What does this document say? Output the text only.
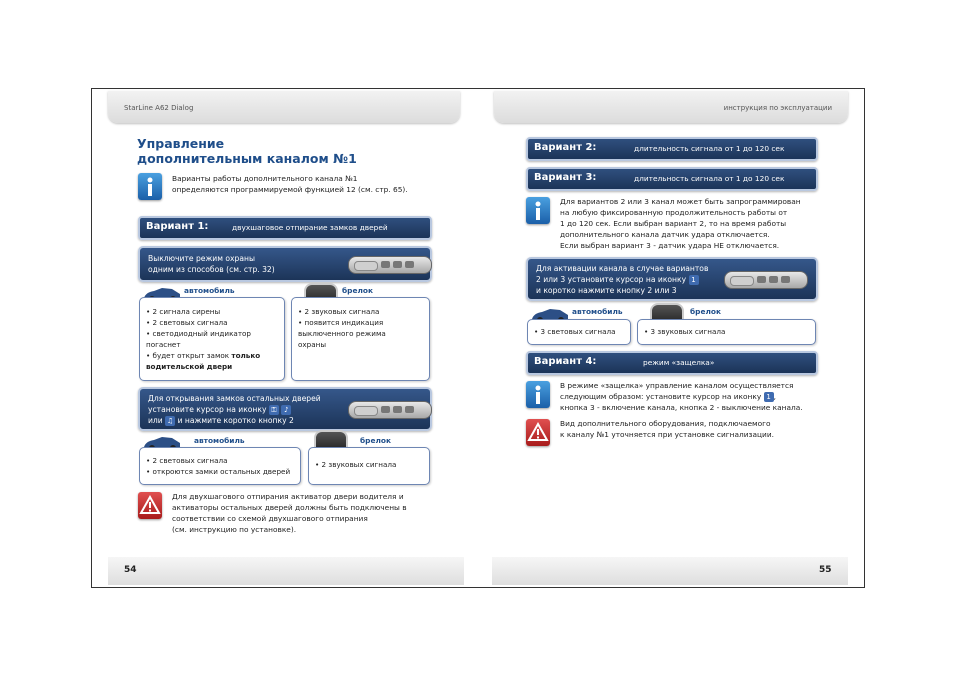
StarLine A62 Dialog
Управление
дополнительным каналом №1
Варианты работы дополнительного канала №1
определяются программируемой функцией 12 (см. стр. 65).
Вариант 1:	двухшаговое отпирание замков дверей
Выключите режим охраны
одним из способов (см. стр. 32)
автомобиль
• 2 сигнала сирены
• 2 световых сигнала
• светодиодный индикатор
погаснет
• будет открыт замок только
водительской двери
брелок
• 2 звуковых сигнала
• появится индикация
выключенного режима
охраны
Для открывания замков остальных дверей
установите курсор на иконку ⚿ ♪
или ♫ и нажмите коротко кнопку 2
автомобиль
• 2 световых сигнала
• откроются замки остальных дверей
брелок
• 2 звуковых сигнала
Для двухшагового отпирания активатор двери водителя и
активаторы остальных дверей должны быть подключены в
соответствии со схемой двухшагового отпирания
(см. инструкцию по установке).
54
инструкция по эксплуатации
Вариант 2:	длительность сигнала от 1 до 120 сек
Вариант 3:	длительность сигнала от 1 до 120 сек
Для вариантов 2 или 3 канал может быть запрограммирован
на любую фиксированную продолжительность работы от
1 до 120 сек. Если выбран вариант 2, то на время работы
дополнительного канала датчик удара отключается.
Если выбран вариант 3 - датчик удара НЕ отключается.
Для активации канала в случае вариантов
2 или 3 установите курсор на иконку 1
и коротко нажмите кнопку 2 или 3
автомобиль
• 3 световых сигнала
брелок
• 3 звуковых сигнала
Вариант 4:	режим «защелка»
В режиме «защелка» управление каналом осуществляется
следующим образом: установите курсор на иконку 1 ,
кнопка 3 - включение канала, кнопка 2 - выключение канала.
Вид дополнительного оборудования, подключаемого
к каналу №1 уточняется при установке сигнализации.
55
